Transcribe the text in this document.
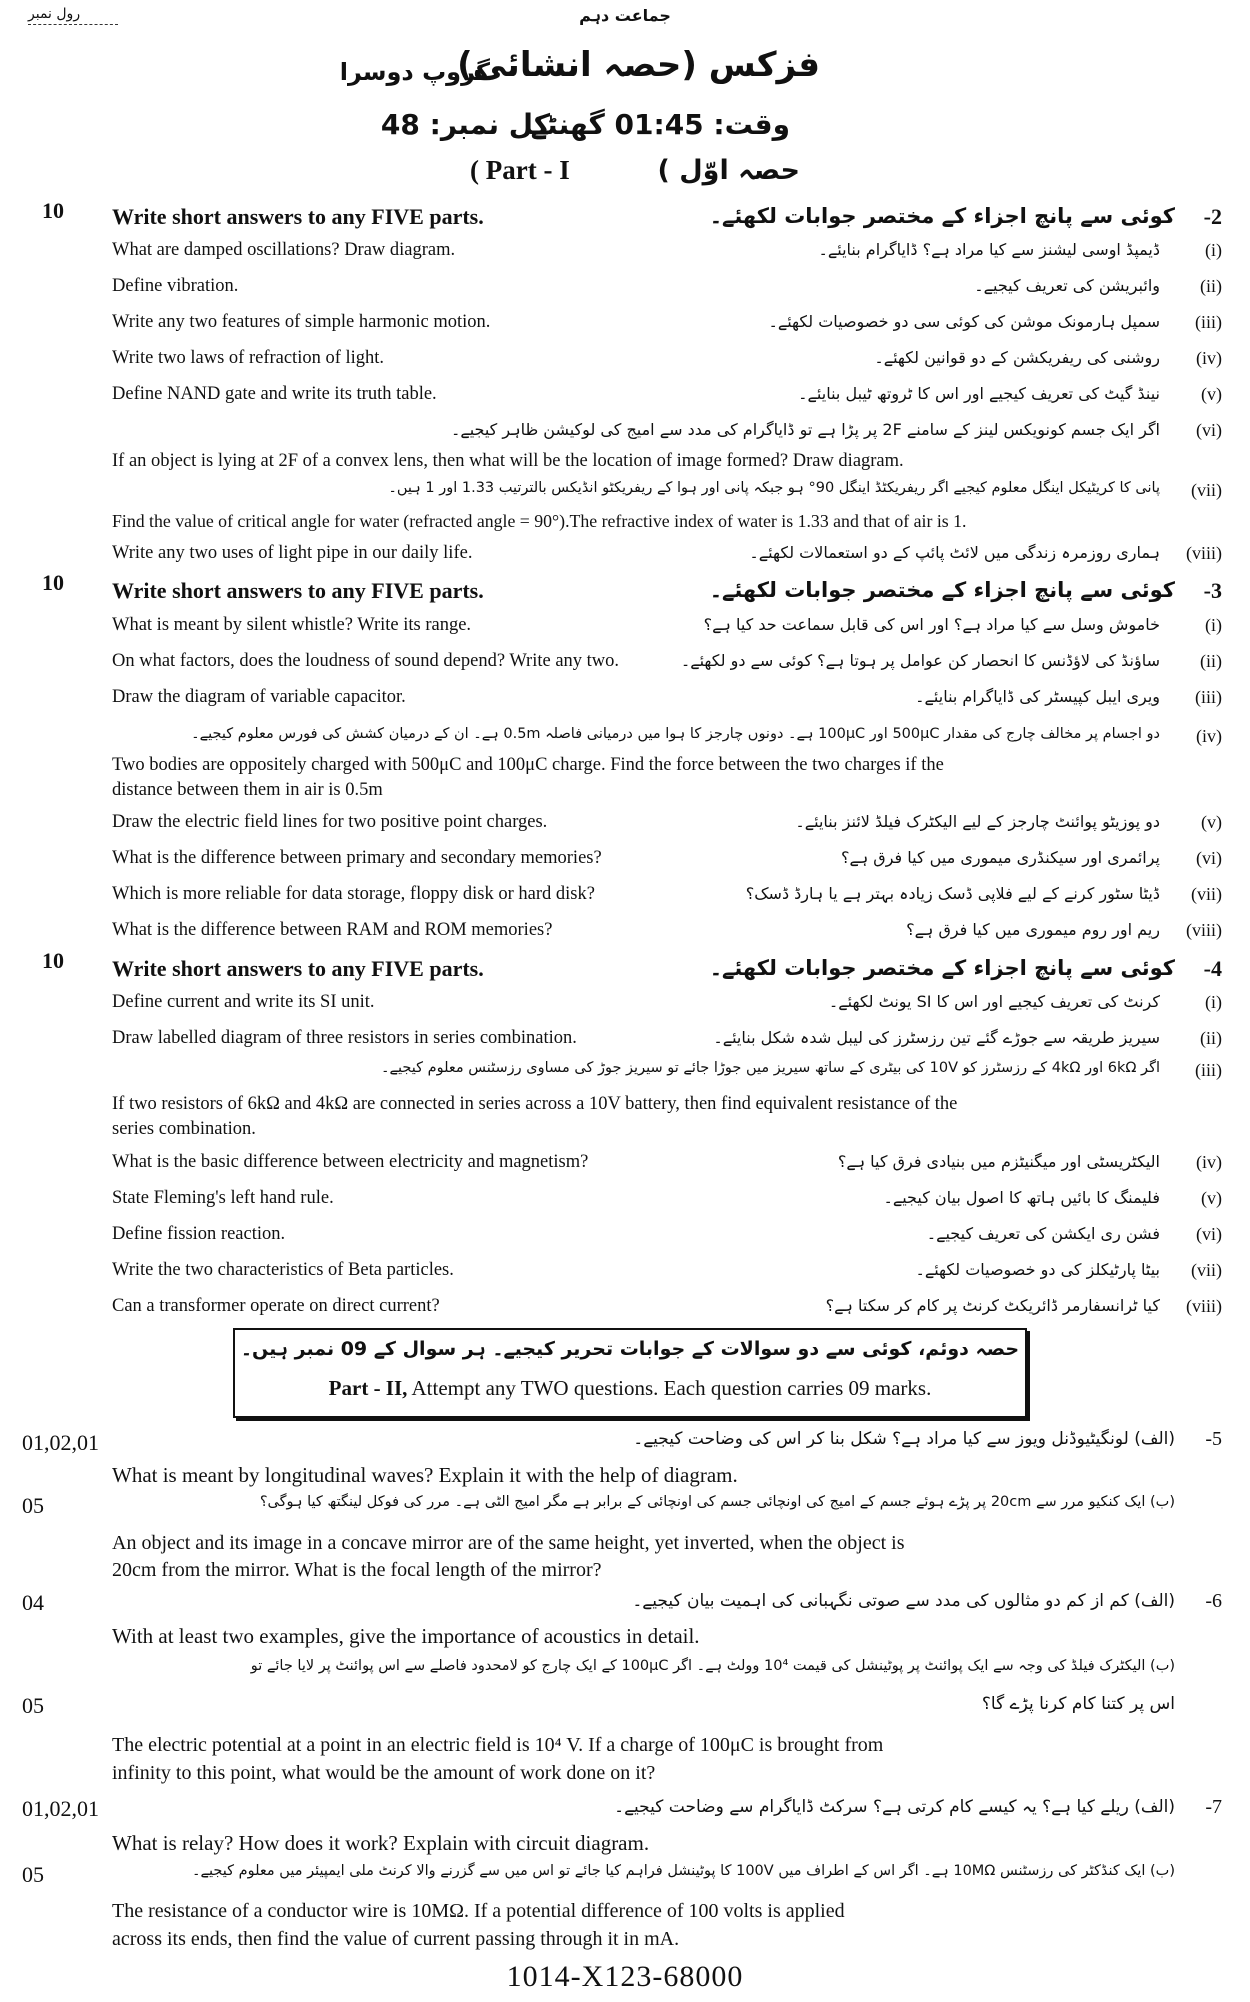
رول نمبر	جماعت دہم
فزکس (حصہ انشائی)
گروپ دوسرا
وقت: 01:45 گھنٹے
کل نمبر: 48
( Part - I	حصہ اوّل )
10 Write short answers to any FIVE parts.	کوئی سے پانچ اجزاء کے مختصر جوابات لکھئے۔ -2
What are damped oscillations? Draw diagram.	ڈیمپڈ اوسی لیشنز سے کیا مراد ہے؟ ڈایاگرام بنایئے۔	(i)
Define vibration.	وائبریشن کی تعریف کیجیے۔ (ii)
Write any two features of simple harmonic motion.	سمپل ہارمونک موشن کی کوئی سی دو خصوصیات لکھئے۔ (iii)
Write two laws of refraction of light.	روشنی کی ریفریکشن کے دو قوانین لکھئے۔ (iv)
Define NAND gate and write its truth table.	نینڈ گیٹ کی تعریف کیجیے اور اس کا ٹروتھ ٹیبل بنایئے۔ (v)
اگر ایک جسم کونویکس لینز کے سامنے 2F پر پڑا ہے تو ڈایاگرام کی مدد سے امیج کی لوکیشن ظاہر کیجیے۔ (vi)
If an object is lying at 2F of a convex lens, then what will be the location of image formed? Draw diagram.
پانی کا کریٹیکل اینگل معلوم کیجیے اگر ریفریکٹڈ اینگل 90° ہو جبکہ پانی اور ہوا کے ریفریکٹو انڈیکس بالترتیب 1.33 اور 1 ہیں۔ (vii)
Find the value of critical angle for water (refracted angle = 90°).The refractive index of water is 1.33 and that of air is 1.
Write any two uses of light pipe in our daily life.	ہماری روزمرہ زندگی میں لائٹ پائپ کے دو استعمالات لکھئے۔ (viii)
10 Write short answers to any FIVE parts.	کوئی سے پانچ اجزاء کے مختصر جوابات لکھئے۔ -3
What is meant by silent whistle? Write its range.	خاموش وسل سے کیا مراد ہے؟ اور اس کی قابل سماعت حد کیا ہے؟	(i)
On what factors, does the loudness of sound depend? Write any two.	ساؤنڈ کی لاؤڈنس کا انحصار کن عوامل پر ہوتا ہے؟ کوئی سے دو لکھئے۔ (ii)
Draw the diagram of variable capacitor.	ویری ایبل کپیسٹر کی ڈایاگرام بنایئے۔ (iii)
دو اجسام پر مخالف چارج کی مقدار 500μC اور 100μC ہے۔ دونوں چارجز کا ہوا میں درمیانی فاصلہ 0.5m ہے۔ ان کے درمیان کشش کی فورس معلوم کیجیے۔ (iv)
Two bodies are oppositely charged with 500μC and 100μC charge. Find the force between the two charges if the
distance between them in air is 0.5m
Draw the electric field lines for two positive point charges.	دو پوزیٹو پوائنٹ چارجز کے لیے الیکٹرک فیلڈ لائنز بنایئے۔ (v)
What is the difference between primary and secondary memories?	پرائمری اور سیکنڈری میموری میں کیا فرق ہے؟ (vi)
Which is more reliable for data storage, floppy disk or hard disk?	ڈیٹا سٹور کرنے کے لیے فلاپی ڈسک زیادہ بہتر ہے یا ہارڈ ڈسک؟ (vii)
What is the difference between RAM and ROM memories?	ریم اور روم میموری میں کیا فرق ہے؟ (viii)
10 Write short answers to any FIVE parts.	کوئی سے پانچ اجزاء کے مختصر جوابات لکھئے۔ -4
Define current and write its SI unit.	کرنٹ کی تعریف کیجیے اور اس کا SI یونٹ لکھئے۔	(i)
Draw labelled diagram of three resistors in series combination.	سیریز طریقہ سے جوڑے گئے تین رزسٹرز کی لیبل شدہ شکل بنایئے۔ (ii)
اگر 6kΩ اور 4kΩ کے رزسٹرز کو 10V کی بیٹری کے ساتھ سیریز میں جوڑا جائے تو سیریز جوڑ کی مساوی رزسٹنس معلوم کیجیے۔ (iii)
If two resistors of 6kΩ and 4kΩ are connected in series across a 10V battery, then find equivalent resistance of the
series combination.
What is the basic difference between electricity and magnetism?	الیکٹریسٹی اور میگنیٹزم میں بنیادی فرق کیا ہے؟ (iv)
State Fleming's left hand rule.	فلیمنگ کا بائیں ہاتھ کا اصول بیان کیجیے۔ (v)
Define fission reaction.	فشن ری ایکشن کی تعریف کیجیے۔ (vi)
Write the two characteristics of Beta particles.	بیٹا پارٹیکلز کی دو خصوصیات لکھئے۔ (vii)
Can a transformer operate on direct current?	کیا ٹرانسفارمر ڈائریکٹ کرنٹ پر کام کر سکتا ہے؟ (viii)
حصہ دوئم، کوئی سے دو سوالات کے جوابات تحریر کیجیے۔ ہر سوال کے 09 نمبر ہیں۔
Part - II, Attempt any TWO questions. Each question carries 09 marks.
01,02,01	(الف) لونگیٹیوڈنل ویوز سے کیا مراد ہے؟ شکل بنا کر اس کی وضاحت کیجیے۔ -5
What is meant by longitudinal waves? Explain it with the help of diagram.
05	(ب) ایک کنکیو مرر سے 20cm پر پڑے ہوئے جسم کے امیج کی اونچائی جسم کی اونچائی کے برابر ہے مگر امیج الٹی ہے۔ مرر کی فوکل لینگتھ کیا ہوگی؟
An object and its image in a concave mirror are of the same height, yet inverted, when the object is
20cm from the mirror. What is the focal length of the mirror?
04	(الف) کم از کم دو مثالوں کی مدد سے صوتی نگہبانی کی اہمیت بیان کیجیے۔ -6
With at least two examples, give the importance of acoustics in detail.
(ب) الیکٹرک فیلڈ کی وجہ سے ایک پوائنٹ پر پوٹینشل کی قیمت 10⁴ وولٹ ہے۔ اگر 100μC کے ایک چارج کو لامحدود فاصلے سے اس پوائنٹ پر لایا جائے تو
اس پر کتنا کام کرنا پڑے گا؟
05
The electric potential at a point in an electric field is 10⁴ V. If a charge of 100μC is brought from
infinity to this point, what would be the amount of work done on it?
01,02,01	(الف) ریلے کیا ہے؟ یہ کیسے کام کرتی ہے؟ سرکٹ ڈایاگرام سے وضاحت کیجیے۔ -7
What is relay? How does it work? Explain with circuit diagram.
05	(ب) ایک کنڈکٹر کی رزسٹنس 10MΩ ہے۔ اگر اس کے اطراف میں 100V کا پوٹینشل فراہم کیا جائے تو اس میں سے گزرنے والا کرنٹ ملی ایمپیئر میں معلوم کیجیے۔
The resistance of a conductor wire is 10MΩ. If a potential difference of 100 volts is applied
across its ends, then find the value of current passing through it in mA.
1014-X123-68000
